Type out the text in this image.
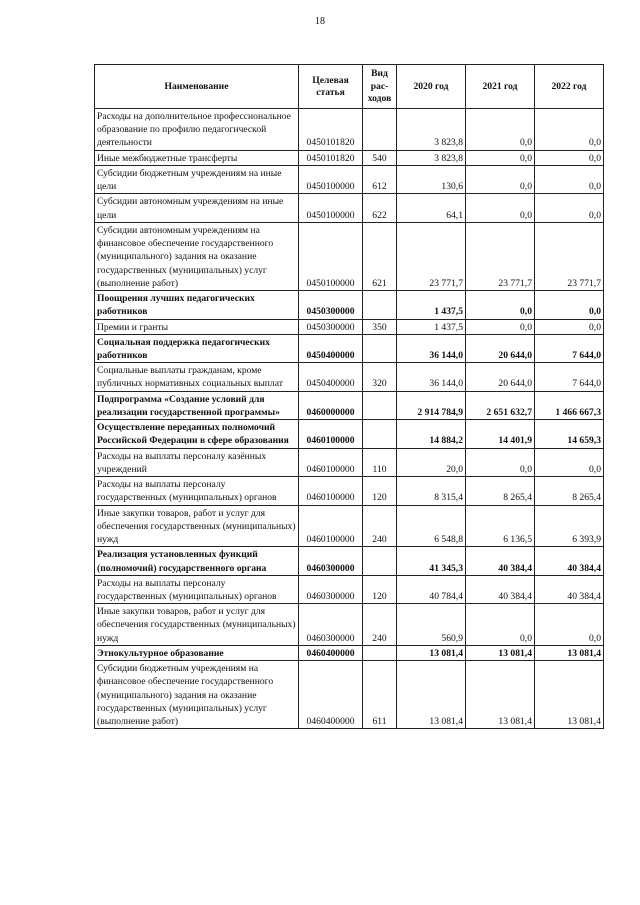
18
Наименование	Целевая статья	Вид рас-ходов	2020 год	2021 год	2022 год
Расходы на дополнительное профессиональное образование по профилю педагогической деятельности	0450101820		3 823,8	0,0	0,0
Иные межбюджетные трансферты	0450101820	540	3 823,8	0,0	0,0
Субсидии бюджетным учреждениям на иные цели	0450100000	612	130,6	0,0	0,0
Субсидии автономным учреждениям на иные цели	0450100000	622	64,1	0,0	0,0
Субсидии автономным учреждениям на финансовое обеспечение государственного (муниципального) задания на оказание государственных (муниципальных) услуг (выполнение работ)	0450100000	621	23 771,7	23 771,7	23 771,7
Поощрения лучших педагогических работников	0450300000		1 437,5	0,0	0,0
Премии и гранты	0450300000	350	1 437,5	0,0	0,0
Социальная поддержка педагогических работников	0450400000		36 144,0	20 644,0	7 644,0
Социальные выплаты гражданам, кроме публичных нормативных социальных выплат	0450400000	320	36 144,0	20 644,0	7 644,0
Подпрограмма «Создание условий для реализации государственной программы»	0460000000		2 914 784,9	2 651 632,7	1 466 667,3
Осуществление переданных полномочий Российской Федерации в сфере образования	0460100000		14 884,2	14 401,9	14 659,3
Расходы на выплаты персоналу казённых учреждений	0460100000	110	20,0	0,0	0,0
Расходы на выплаты персоналу государственных (муниципальных) органов	0460100000	120	8 315,4	8 265,4	8 265,4
Иные закупки товаров, работ и услуг для обеспечения государственных (муниципальных) нужд	0460100000	240	6 548,8	6 136,5	6 393,9
Реализация установленных функций (полномочий) государственного органа	0460300000		41 345,3	40 384,4	40 384,4
Расходы на выплаты персоналу государственных (муниципальных) органов	0460300000	120	40 784,4	40 384,4	40 384,4
Иные закупки товаров, работ и услуг для обеспечения государственных (муниципальных) нужд	0460300000	240	560,9	0,0	0,0
Этнокультурное образование	0460400000		13 081,4	13 081,4	13 081,4
Субсидии бюджетным учреждениям на финансовое обеспечение государственного (муниципального) задания на оказание государственных (муниципальных) услуг (выполнение работ)	0460400000	611	13 081,4	13 081,4	13 081,4
